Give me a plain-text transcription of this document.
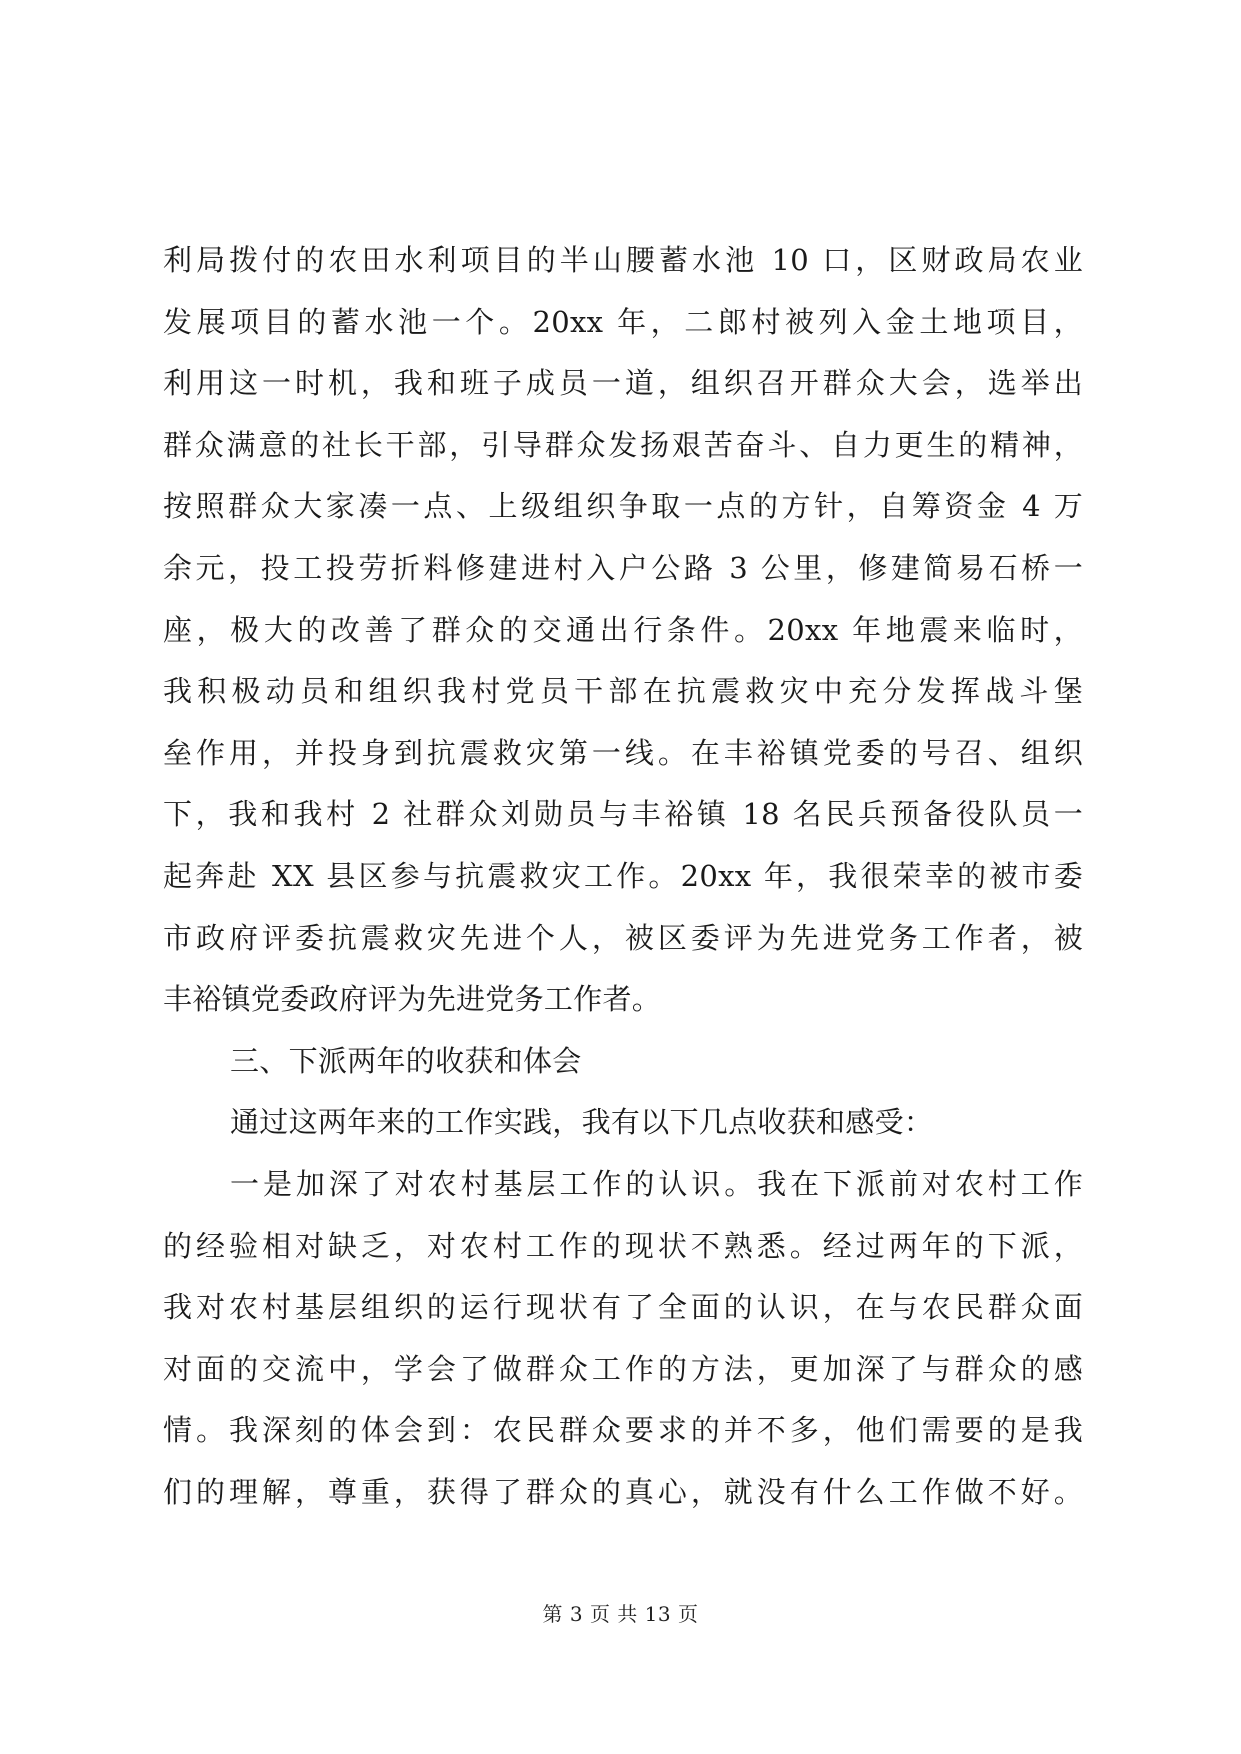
利局拨付的农田水利项目的半山腰蓄水池 10 口，区财政局农业
发展项目的蓄水池一个。20xx 年，二郎村被列入金土地项目，
利用这一时机，我和班子成员一道，组织召开群众大会，选举出
群众满意的社长干部，引导群众发扬艰苦奋斗、自力更生的精神，
按照群众大家凑一点、上级组织争取一点的方针，自筹资金 4 万
余元，投工投劳折料修建进村入户公路 3 公里，修建简易石桥一
座，极大的改善了群众的交通出行条件。20xx 年地震来临时，
我积极动员和组织我村党员干部在抗震救灾中充分发挥战斗堡
垒作用，并投身到抗震救灾第一线。在丰裕镇党委的号召、组织
下，我和我村 2 社群众刘勋员与丰裕镇 18 名民兵预备役队员一
起奔赴 XX 县区参与抗震救灾工作。20xx 年，我很荣幸的被市委
市政府评委抗震救灾先进个人，被区委评为先进党务工作者，被
丰裕镇党委政府评为先进党务工作者。
三、下派两年的收获和体会
通过这两年来的工作实践，我有以下几点收获和感受：
一是加深了对农村基层工作的认识。我在下派前对农村工作
的经验相对缺乏，对农村工作的现状不熟悉。经过两年的下派，
我对农村基层组织的运行现状有了全面的认识，在与农民群众面
对面的交流中，学会了做群众工作的方法，更加深了与群众的感
情。我深刻的体会到：农民群众要求的并不多，他们需要的是我
们的理解，尊重，获得了群众的真心，就没有什么工作做不好。
第 3 页 共 13 页
